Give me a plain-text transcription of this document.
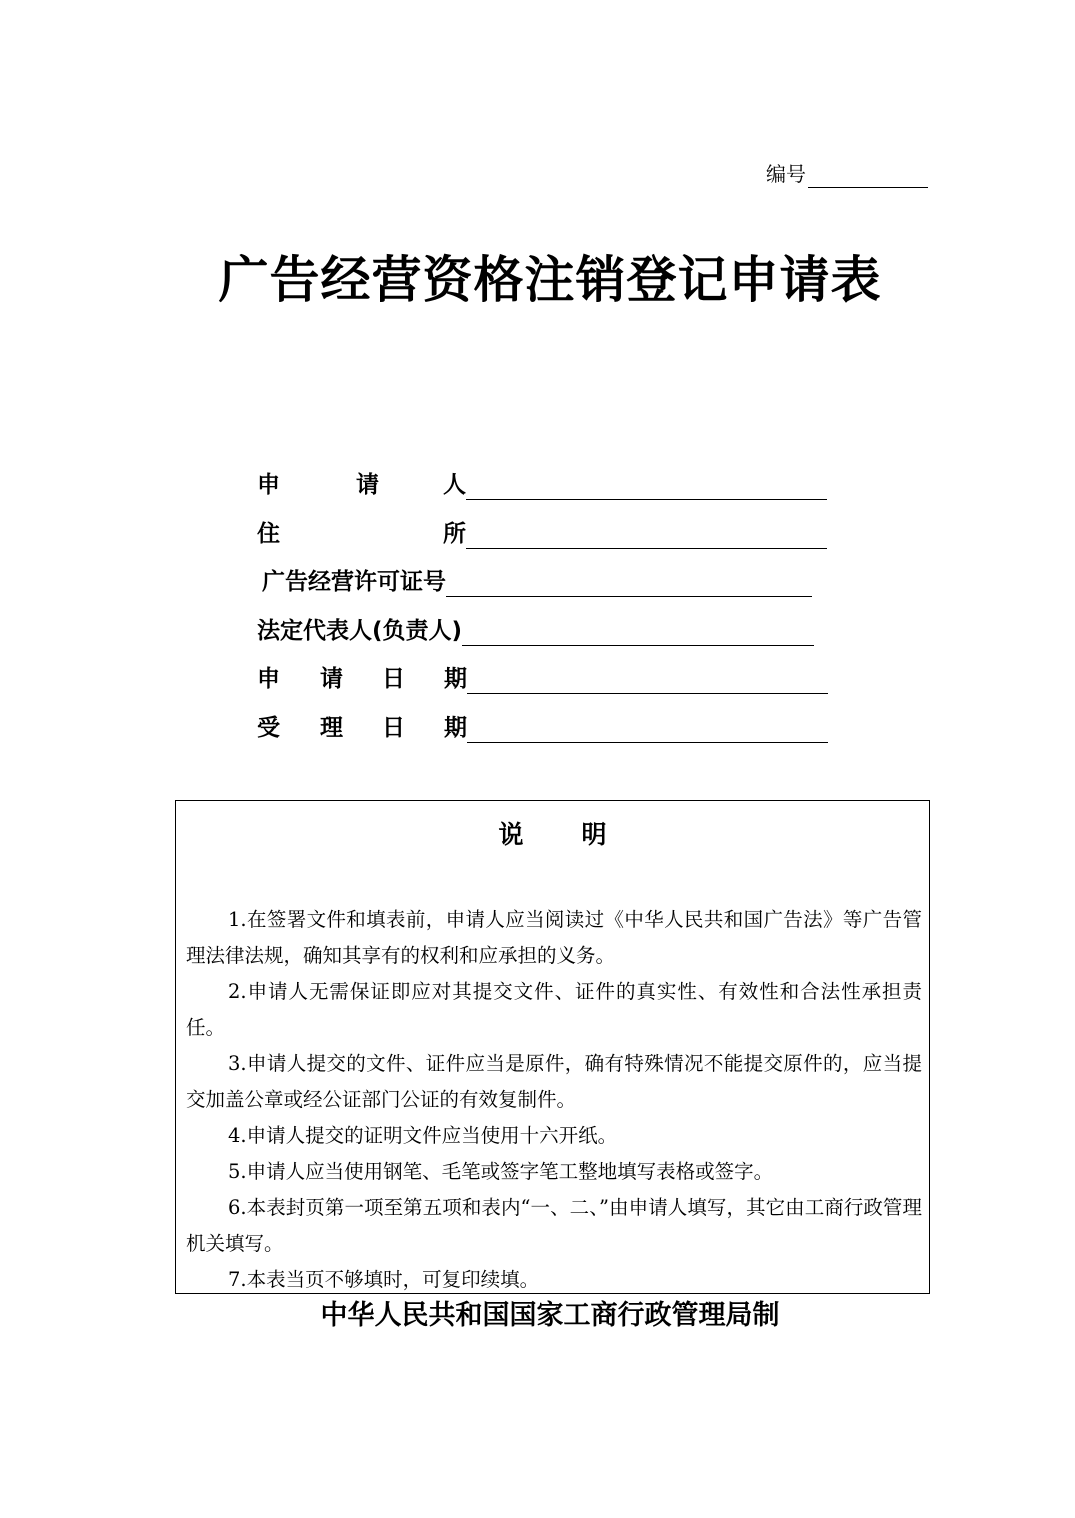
编号
广告经营资格注销登记申请表
申	请	人
住	所
广告经营许可证号
法定代表人(负责人)
申 请 日 期
受 理 日 期
说 明

1.在签署文件和填表前，申请人应当阅读过《中华人民共和国广告法》等广告管理法律法规，确知其享有的权利和应承担的义务。

2.申请人无需保证即应对其提交文件、证件的真实性、有效性和合法性承担责任。

3.申请人提交的文件、证件应当是原件，确有特殊情况不能提交原件的，应当提交加盖公章或经公证部门公证的有效复制件。

4.申请人提交的证明文件应当使用十六开纸。

5.申请人应当使用钢笔、毛笔或签字笔工整地填写表格或签字。

6.本表封页第一项至第五项和表内“一、二、”由申请人填写，其它由工商行政管理机关填写。

7.本表当页不够填时，可复印续填。

中华人民共和国国家工商行政管理局制
